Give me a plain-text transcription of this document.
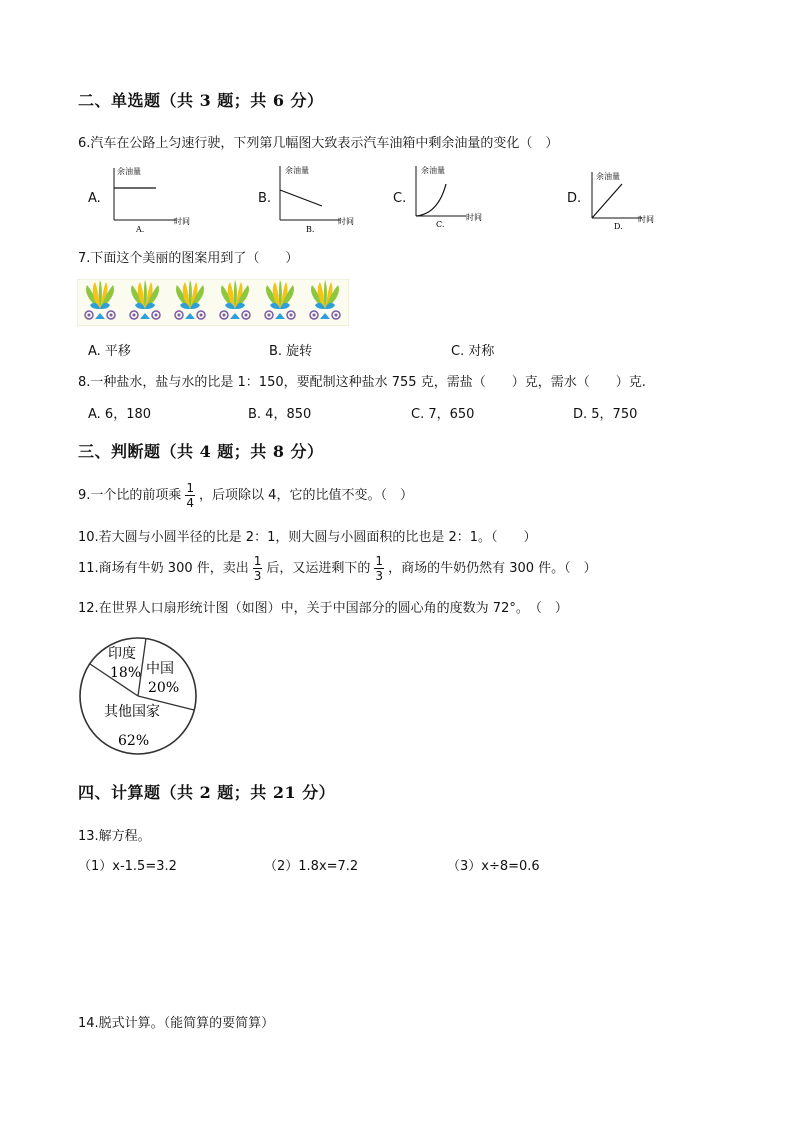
二、单选题（共 3 题；共 6 分）
6.汽车在公路上匀速行驶，下列第几幅图大致表示汽车油箱中剩余油量的变化（　）
A.
余油量
时间
A.
B.
余油量
时间
B.
C.
余油量
时间
C.
D.
余油量
时间
D.
7.下面这个美丽的图案用到了（　　）
A. 平移	B. 旋转	C. 对称
8.一种盐水，盐与水的比是 1：150，要配制这种盐水 755 克，需盐（　　）克，需水（　　）克.
A. 6，180	B. 4，850	C. 7，650	D. 5，750
三、判断题（共 4 题；共 8 分）
9.一个比的前项乘 $\frac{1}{4}$ ，后项除以 4，它的比值不变。（　）
10.若大圆与小圆半径的比是 2：1，则大圆与小圆面积的比也是 2：1。（　　）
11.商场有牛奶 300 件，卖出 $\frac{1}{3}$ 后，又运进剩下的 $\frac{1}{3}$ ，商场的牛奶仍然有 300 件。（　）
12.在世界人口扇形统计图（如图）中，关于中国部分的圆心角的度数为 72°。　（　）
印度
18% 中国
20%
其他国家
62%
四、计算题（共 2 题；共 21 分）
13.解方程。
（1）x-1.5=3.2	（2）1.8x=7.2	（3）x÷8=0.6
14.脱式计算。（能简算的要简算）
